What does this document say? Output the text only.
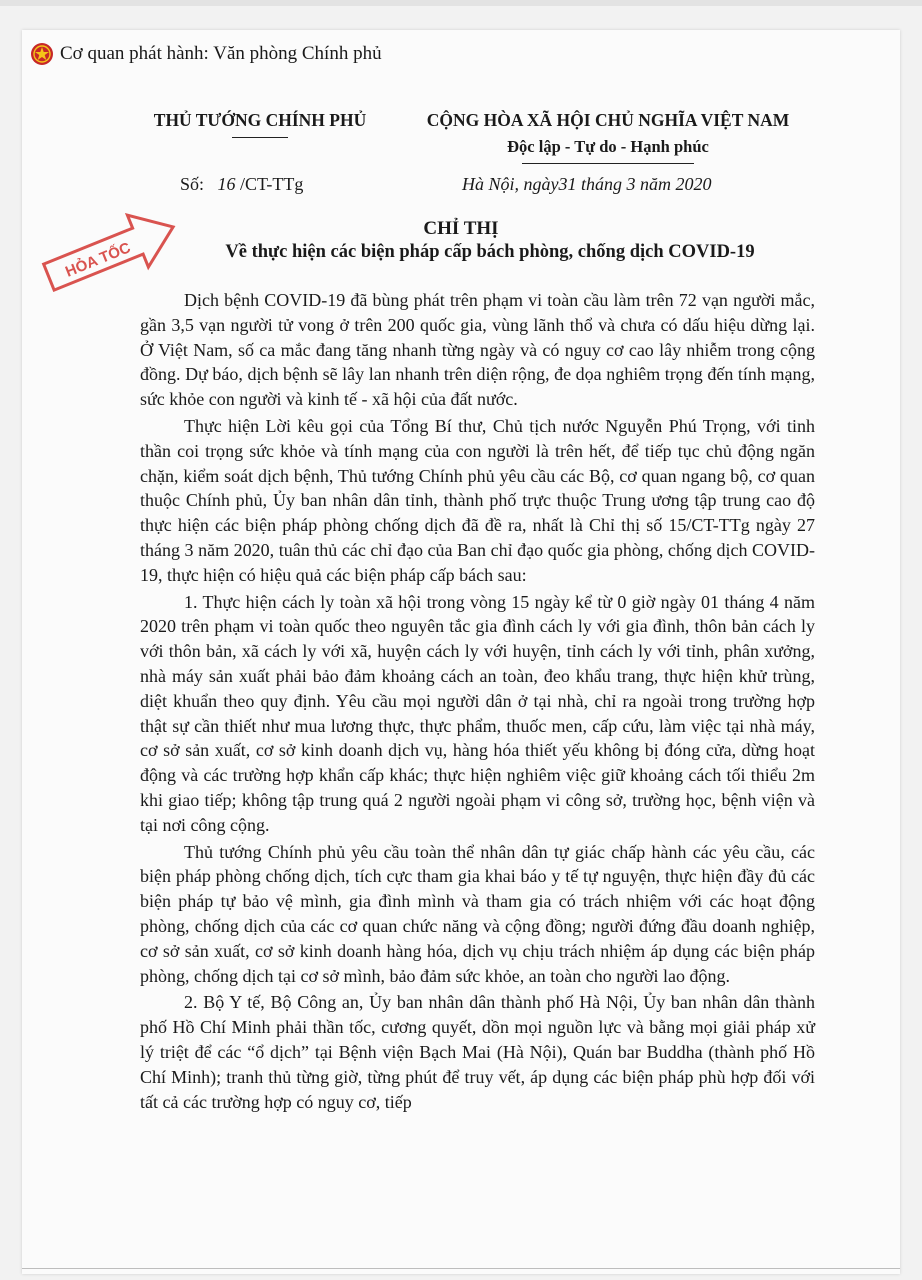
Cơ quan phát hành: Văn phòng Chính phủ
THỦ TƯỚNG CHÍNH PHỦ	CỘNG HÒA XÃ HỘI CHỦ NGHĨA VIỆT NAM
Độc lập - Tự do - Hạnh phúc
Số: 16 /CT-TTg	Hà Nội, ngày31 tháng 3 năm 2020
HỎA TỐC
CHỈ THỊ
Về thực hiện các biện pháp cấp bách phòng, chống dịch COVID-19

Dịch bệnh COVID-19 đã bùng phát trên phạm vi toàn cầu làm trên 72 vạn người mắc, gần 3,5 vạn người tử vong ở trên 200 quốc gia, vùng lãnh thổ và chưa có dấu hiệu dừng lại. Ở Việt Nam, số ca mắc đang tăng nhanh từng ngày và có nguy cơ cao lây nhiễm trong cộng đồng. Dự báo, dịch bệnh sẽ lây lan nhanh trên diện rộng, đe dọa nghiêm trọng đến tính mạng, sức khỏe con người và kinh tế - xã hội của đất nước.

Thực hiện Lời kêu gọi của Tổng Bí thư, Chủ tịch nước Nguyễn Phú Trọng, với tinh thần coi trọng sức khỏe và tính mạng của con người là trên hết, để tiếp tục chủ động ngăn chặn, kiểm soát dịch bệnh, Thủ tướng Chính phủ yêu cầu các Bộ, cơ quan ngang bộ, cơ quan thuộc Chính phủ, Ủy ban nhân dân tỉnh, thành phố trực thuộc Trung ương tập trung cao độ thực hiện các biện pháp phòng chống dịch đã đề ra, nhất là Chỉ thị số 15/CT-TTg ngày 27 tháng 3 năm 2020, tuân thủ các chỉ đạo của Ban chỉ đạo quốc gia phòng, chống dịch COVID-19, thực hiện có hiệu quả các biện pháp cấp bách sau:

1. Thực hiện cách ly toàn xã hội trong vòng 15 ngày kể từ 0 giờ ngày 01 tháng 4 năm 2020 trên phạm vi toàn quốc theo nguyên tắc gia đình cách ly với gia đình, thôn bản cách ly với thôn bản, xã cách ly với xã, huyện cách ly với huyện, tỉnh cách ly với tỉnh, phân xưởng, nhà máy sản xuất phải bảo đảm khoảng cách an toàn, đeo khẩu trang, thực hiện khử trùng, diệt khuẩn theo quy định. Yêu cầu mọi người dân ở tại nhà, chỉ ra ngoài trong trường hợp thật sự cần thiết như mua lương thực, thực phẩm, thuốc men, cấp cứu, làm việc tại nhà máy, cơ sở sản xuất, cơ sở kinh doanh dịch vụ, hàng hóa thiết yếu không bị đóng cửa, dừng hoạt động và các trường hợp khẩn cấp khác; thực hiện nghiêm việc giữ khoảng cách tối thiểu 2m khi giao tiếp; không tập trung quá 2 người ngoài phạm vi công sở, trường học, bệnh viện và tại nơi công cộng.

Thủ tướng Chính phủ yêu cầu toàn thể nhân dân tự giác chấp hành các yêu cầu, các biện pháp phòng chống dịch, tích cực tham gia khai báo y tế tự nguyện, thực hiện đầy đủ các biện pháp tự bảo vệ mình, gia đình mình và tham gia có trách nhiệm với các hoạt động phòng, chống dịch của các cơ quan chức năng và cộng đồng; người đứng đầu doanh nghiệp, cơ sở sản xuất, cơ sở kinh doanh hàng hóa, dịch vụ chịu trách nhiệm áp dụng các biện pháp phòng, chống dịch tại cơ sở mình, bảo đảm sức khỏe, an toàn cho người lao động.

2. Bộ Y tế, Bộ Công an, Ủy ban nhân dân thành phố Hà Nội, Ủy ban nhân dân thành phố Hồ Chí Minh phải thần tốc, cương quyết, dồn mọi nguồn lực và bằng mọi giải pháp xử lý triệt để các “ổ dịch” tại Bệnh viện Bạch Mai (Hà Nội), Quán bar Buddha (thành phố Hồ Chí Minh); tranh thủ từng giờ, từng phút để truy vết, áp dụng các biện pháp phù hợp đối với tất cả các trường hợp có nguy cơ, tiếp
